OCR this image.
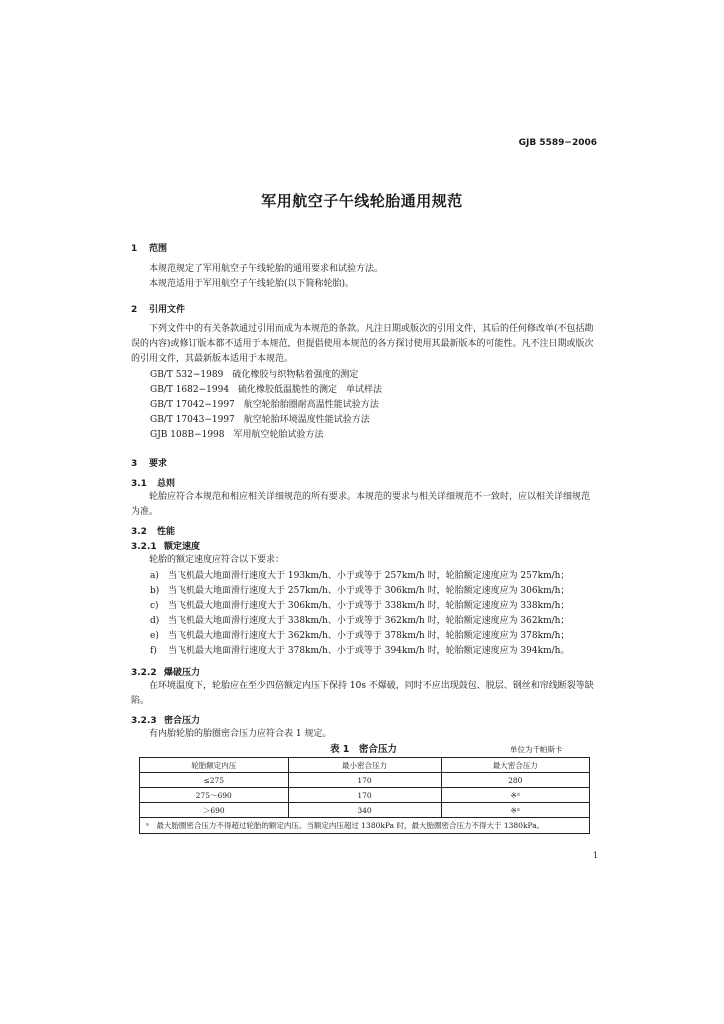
GJB 5589−2006
军用航空子午线轮胎通用规范
1 范围
本规范规定了军用航空子午线轮胎的通用要求和试验方法。
本规范适用于军用航空子午线轮胎(以下简称轮胎)。
2 引用文件
下列文件中的有关条款通过引用而成为本规范的条款。凡注日期或版次的引用文件，其后的任何修改单(不包括勘误的内容)或修订版本都不适用于本规范，但提倡使用本规范的各方探讨使用其最新版本的可能性。凡不注日期或版次的引用文件，其最新版本适用于本规范。
GB/T 532−1989　硫化橡胶与织物粘着强度的测定
GB/T 1682−1994　硫化橡胶低温脆性的测定　单试样法
GB/T 17042−1997　航空轮胎胎圈耐高温性能试验方法
GB/T 17043−1997　航空轮胎环境温度性能试验方法
GJB 108B−1998　军用航空轮胎试验方法
3 要求
3.1 总则
轮胎应符合本规范和相应相关详细规范的所有要求。本规范的要求与相关详细规范不一致时，应以相关详细规范为准。
3.2 性能
3.2.1 额定速度
轮胎的额定速度应符合以下要求：
a) 当飞机最大地面滑行速度大于 193km/h、小于或等于 257km/h 时，轮胎额定速度应为 257km/h；
b) 当飞机最大地面滑行速度大于 257km/h、小于或等于 306km/h 时，轮胎额定速度应为 306km/h；
c) 当飞机最大地面滑行速度大于 306km/h、小于或等于 338km/h 时，轮胎额定速度应为 338km/h；
d) 当飞机最大地面滑行速度大于 338km/h、小于或等于 362km/h 时，轮胎额定速度应为 362km/h；
e) 当飞机最大地面滑行速度大于 362km/h、小于或等于 378km/h 时，轮胎额定速度应为 378km/h；
f) 当飞机最大地面滑行速度大于 378km/h、小于或等于 394km/h 时，轮胎额定速度应为 394km/h。
3.2.2 爆破压力
在环境温度下，轮胎应在至少四倍额定内压下保持 10s 不爆破，同时不应出现鼓包、脱层、钢丝和帘线断裂等缺陷。
3.2.3 密合压力
有内胎轮胎的胎圈密合压力应符合表 1 规定。
表 1　密合压力	单位为千帕斯卡
轮胎额定内压	最小密合压力	最大密合压力
≤275	170	280
275～690	170	※ᵃ
＞690	340	※ᵃ
ᵃ　最大胎圈密合压力不得超过轮胎的额定内压。当额定内压超过 1380kPa 时，最大胎圈密合压力不得大于 1380kPa。		
1
